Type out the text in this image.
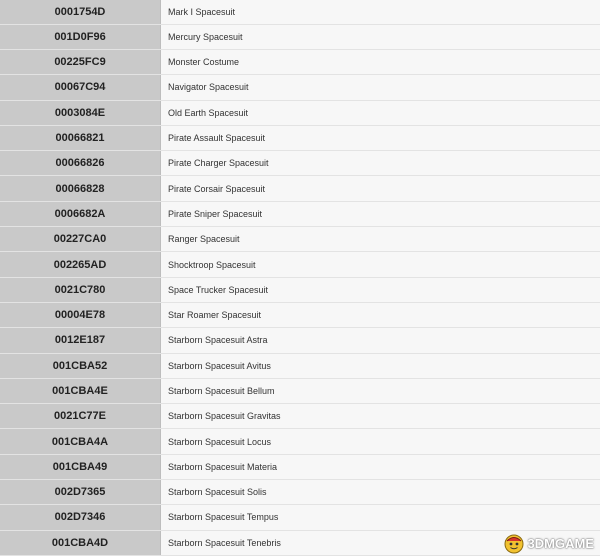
0001754D	Mark I Spacesuit
001D0F96	Mercury Spacesuit
00225FC9	Monster Costume
00067C94	Navigator Spacesuit
0003084E	Old Earth Spacesuit
00066821	Pirate Assault Spacesuit
00066826	Pirate Charger Spacesuit
00066828	Pirate Corsair Spacesuit
0006682A	Pirate Sniper Spacesuit
00227CA0	Ranger Spacesuit
002265AD	Shocktroop Spacesuit
0021C780	Space Trucker Spacesuit
00004E78	Star Roamer Spacesuit
0012E187	Starborn Spacesuit Astra
001CBA52	Starborn Spacesuit Avitus
001CBA4E	Starborn Spacesuit Bellum
0021C77E	Starborn Spacesuit Gravitas
001CBA4A	Starborn Spacesuit Locus
001CBA49	Starborn Spacesuit Materia
002D7365	Starborn Spacesuit Solis
002D7346	Starborn Spacesuit Tempus
001CBA4D	Starborn Spacesuit Tenebris	3DMGAME
